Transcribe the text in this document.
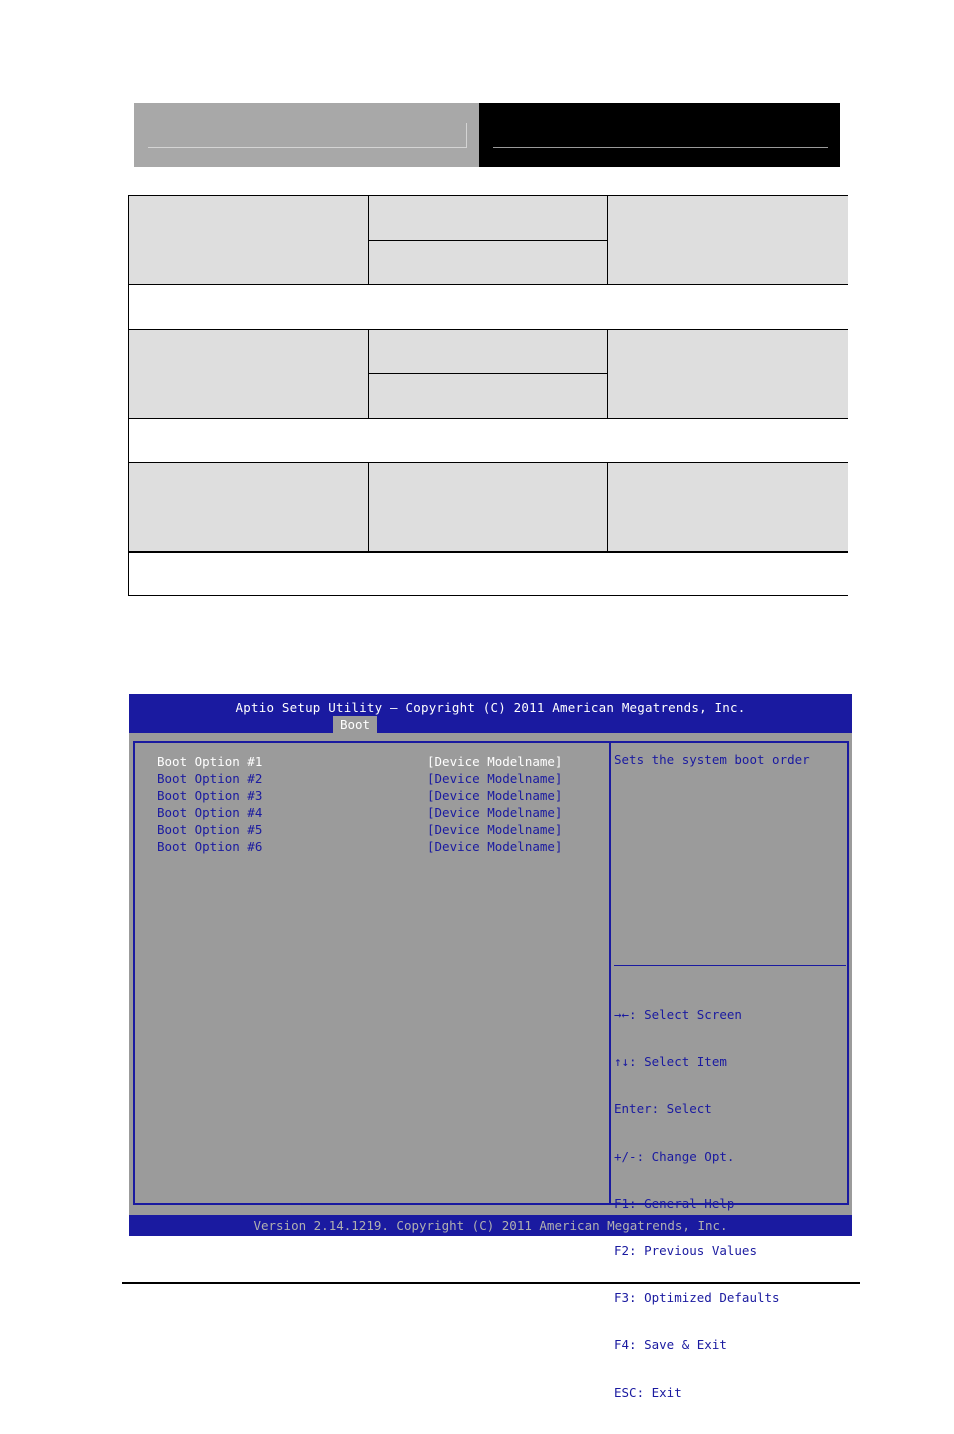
Aptio Setup Utility – Copyright (C) 2011 American Megatrends, Inc.
Boot

Boot Option #1

	[Device Modelname]

Boot Option #2

	[Device Modelname]

Boot Option #3

	[Device Modelname]

Boot Option #4

	[Device Modelname]

Boot Option #5

	[Device Modelname]

Boot Option #6

	[Device Modelname]

Sets the system boot order

→←: Select Screen

↑↓: Select Item

Enter: Select

+/-: Change Opt.

F1: General Help

F2: Previous Values

F3: Optimized Defaults

F4: Save & Exit

ESC: Exit

Version 2.14.1219. Copyright (C) 2011 American Megatrends, Inc.
